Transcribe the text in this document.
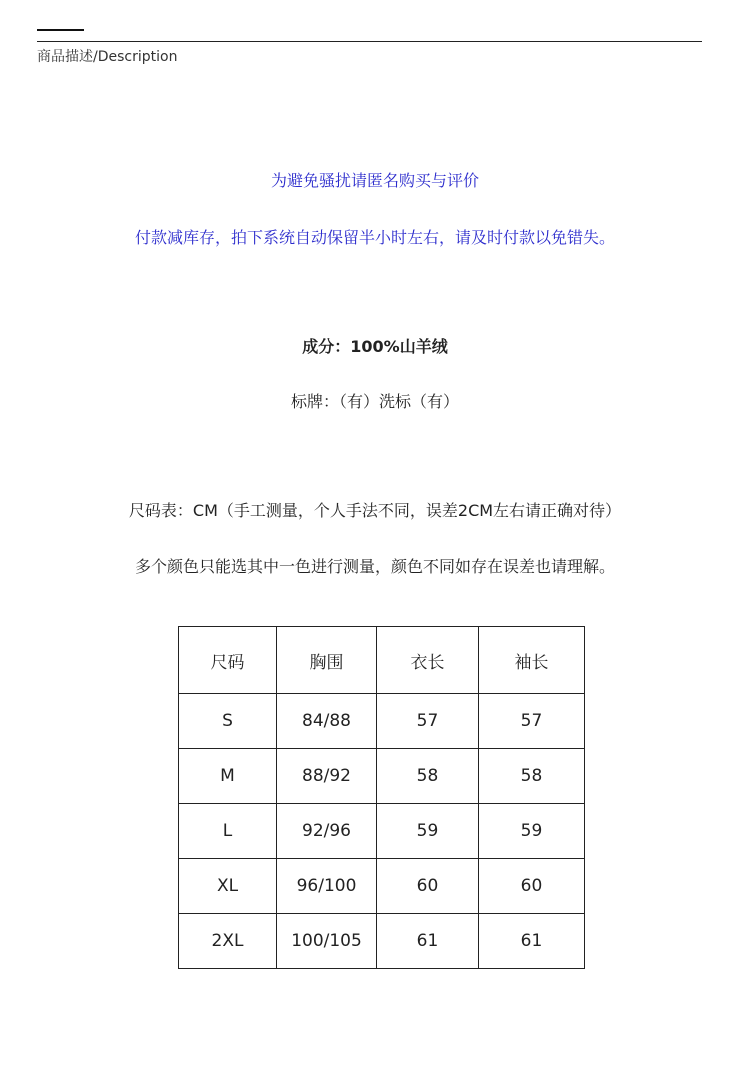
商品描述/Description
为避免骚扰请匿名购买与评价
付款减库存，拍下系统自动保留半小时左右，请及时付款以免错失。
成分：100%山羊绒
标牌：（有）洗标（有）
尺码表：CM（手工测量，个人手法不同，误差2CM左右请正确对待）
多个颜色只能选其中一色进行测量，颜色不同如存在误差也请理解。
尺码	胸围	衣长	袖长
S	84/88	57	57
M	88/92	58	58
L	92/96	59	59
XL	96/100	60	60
2XL	100/105	61	61
